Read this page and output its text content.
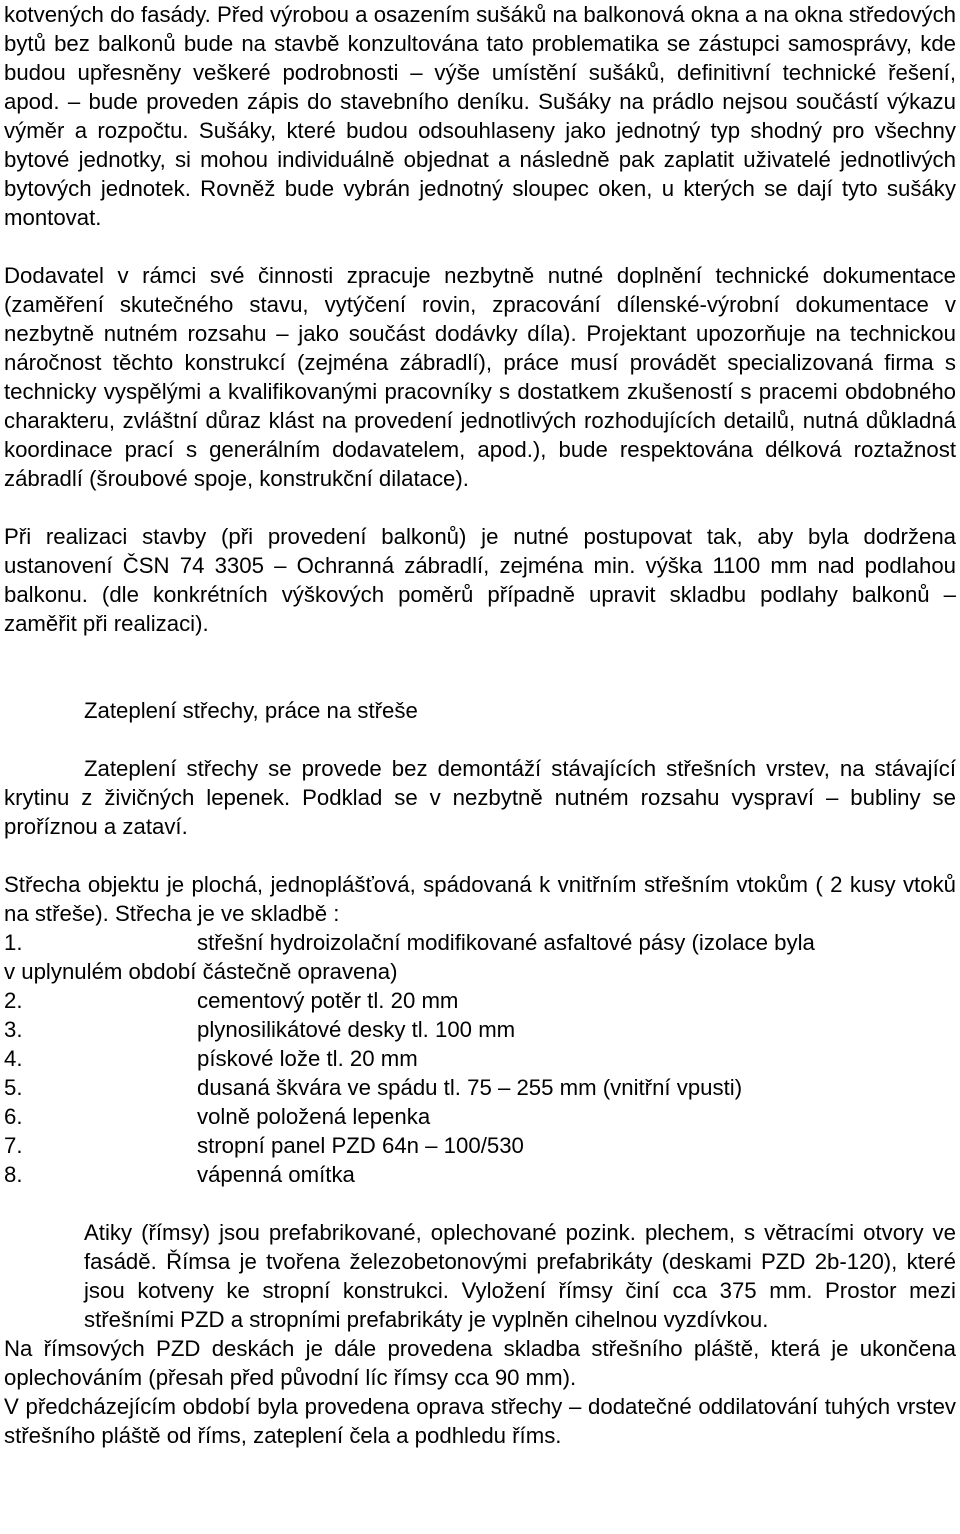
kotvených do fasády. Před výrobou a osazením sušáků na balkonová okna a na okna středových bytů bez balkonů bude na stavbě konzultována tato problematika se zástupci samosprávy, kde budou upřesněny veškeré podrobnosti – výše umístění sušáků, definitivní technické řešení, apod. – bude proveden zápis do stavebního deníku. Sušáky na prádlo nejsou součástí výkazu výměr a rozpočtu. Sušáky, které budou odsouhlaseny jako jednotný typ shodný pro všechny bytové jednotky, si mohou individuálně objednat a následně pak zaplatit uživatelé jednotlivých bytových jednotek. Rovněž bude vybrán jednotný sloupec oken, u kterých se dají tyto sušáky montovat.

Dodavatel v rámci své činnosti zpracuje nezbytně nutné doplnění technické dokumentace (zaměření skutečného stavu, vytýčení rovin, zpracování dílenské-výrobní dokumentace v nezbytně nutném rozsahu – jako součást dodávky díla). Projektant upozorňuje na technickou náročnost těchto konstrukcí (zejména zábradlí), práce musí provádět specializovaná firma s technicky vyspělými a kvalifikovanými pracovníky s dostatkem zkušeností s pracemi obdobného charakteru, zvláštní důraz klást na provedení jednotlivých rozhodujících detailů, nutná důkladná koordinace prací s generálním dodavatelem, apod.), bude respektována délková roztažnost zábradlí (šroubové spoje, konstrukční dilatace).

Při realizaci stavby (při provedení balkonů) je nutné postupovat tak, aby byla dodržena ustanovení ČSN 74 3305 – Ochranná zábradlí, zejména min. výška 1100 mm nad podlahou balkonu. (dle konkrétních výškových poměrů případně upravit skladbu podlahy balkonů – zaměřit při realizaci).

Zateplení střechy, práce na střeše

Zateplení střechy se provede bez demontáží stávajících střešních vrstev, na stávající krytinu z živičných lepenek. Podklad se v nezbytně nutném rozsahu vyspraví – bubliny se proříznou a zataví.

Střecha objektu je plochá, jednoplášťová, spádovaná k vnitřním střešním vtokům ( 2 kusy vtoků na střeše). Střecha je ve skladbě :

1.	střešní hydroizolační modifikované asfaltové pásy (izolace byla
v uplynulém období částečně opravena)
2.	cementový potěr tl. 20 mm
3.	plynosilikátové desky tl. 100 mm
4.	pískové lože tl. 20 mm
5.	dusaná škvára ve spádu tl. 75 – 255 mm (vnitřní vpusti)
6.	volně položená lepenka
7.	stropní panel PZD 64n – 100/530
8.	vápenná omítka

Atiky (římsy) jsou prefabrikované, oplechované pozink. plechem, s větracími otvory ve fasádě. Římsa je tvořena železobetonovými prefabrikáty (deskami PZD 2b-120), které jsou kotveny ke stropní konstrukci. Vyložení římsy činí cca 375 mm. Prostor mezi střešními PZD a stropními prefabrikáty je vyplněn cihelnou vyzdívkou.

Na římsových PZD deskách je dále provedena skladba střešního pláště, která je ukončena oplechováním (přesah před původní líc římsy cca 90 mm).

V předcházejícím období byla provedena oprava střechy – dodatečné oddilatování tuhých vrstev střešního pláště od říms, zateplení čela a podhledu říms.
